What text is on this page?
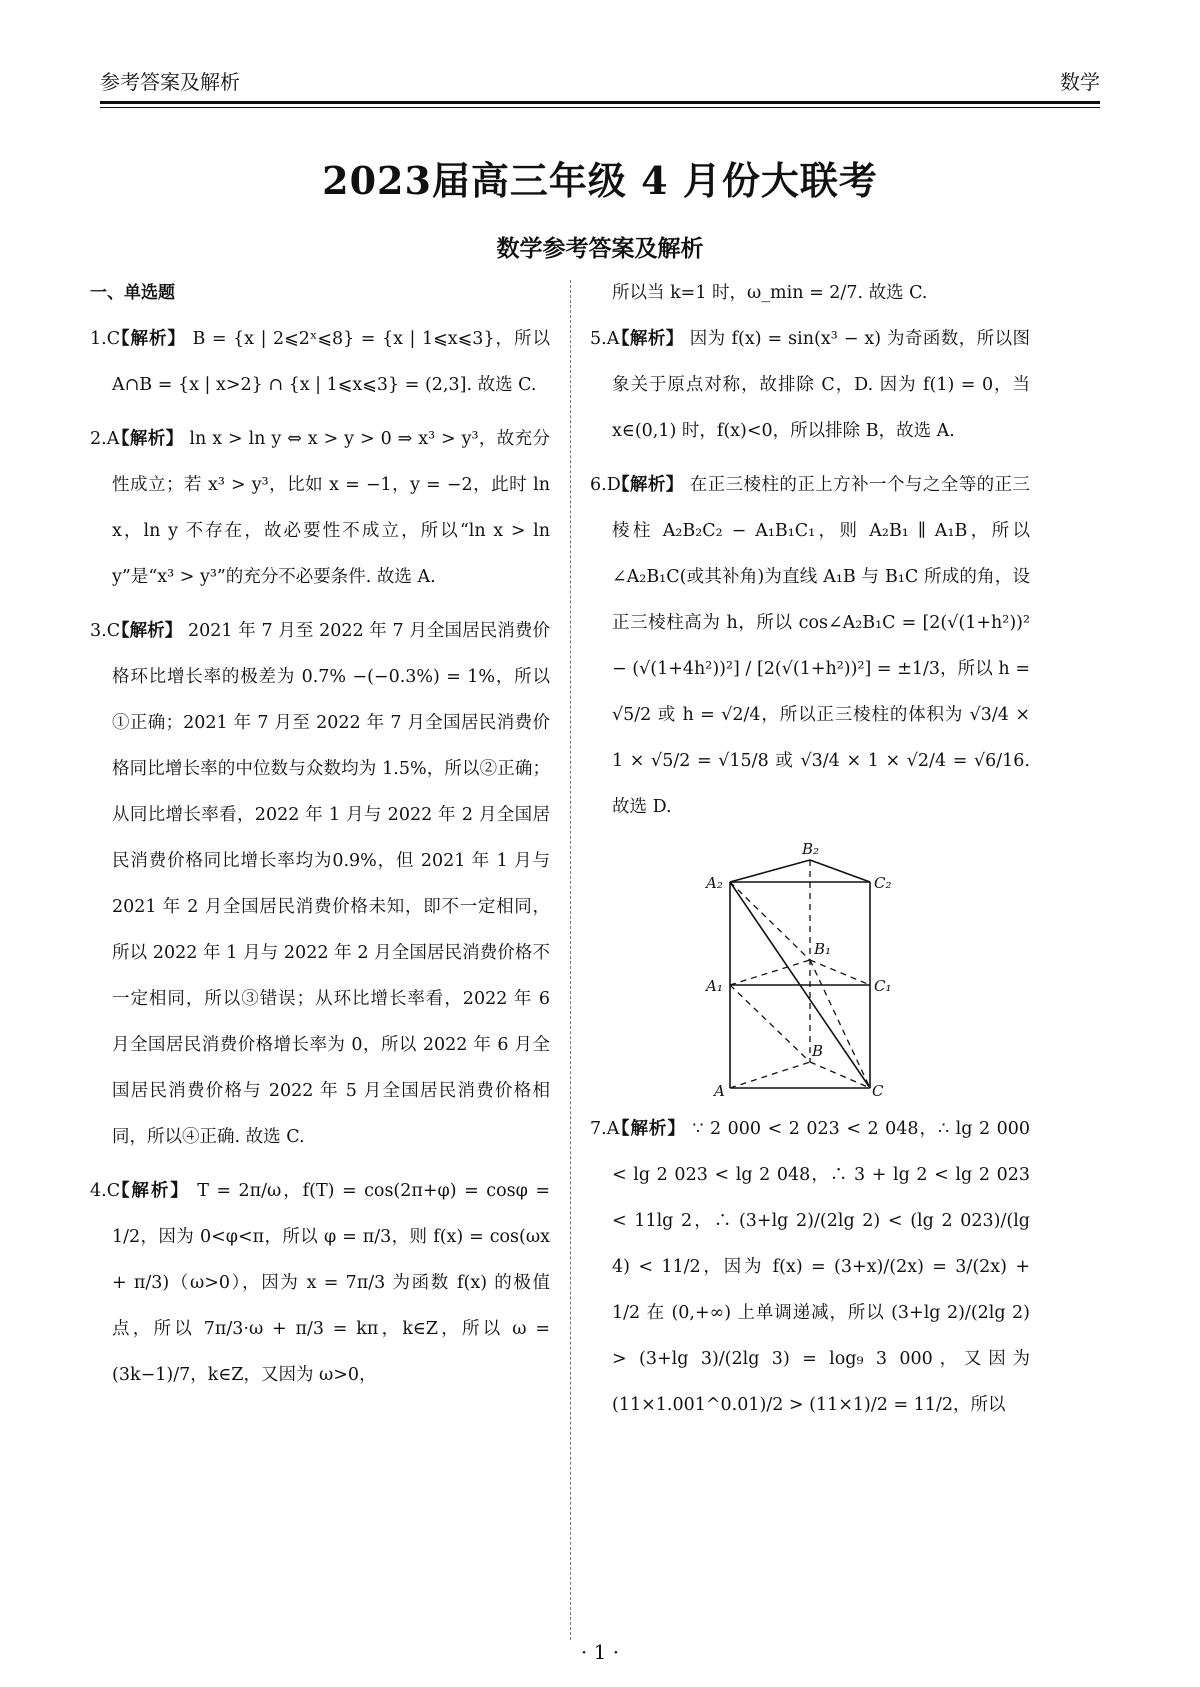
参考答案及解析	数学
2023届高三年级 4 月份大联考
数学参考答案及解析
一、单选题
1.C
【解析】 B = {x | 2⩽2ˣ⩽8} = {x | 1⩽x⩽3}，所以 A∩B = {x | x>2} ∩ {x | 1⩽x⩽3} = (2,3]. 故选 C.
2.A
【解析】 ln x > ln y ⇔ x > y > 0 ⇒ x³ > y³，故充分性成立；若 x³ > y³，比如 x = −1，y = −2，此时 ln x，ln y 不存在，故必要性不成立，所以“ln x > ln y”是“x³ > y³”的充分不必要条件. 故选 A.
3.C
【解析】 2021 年 7 月至 2022 年 7 月全国居民消费价格环比增长率的极差为 0.7% −(−0.3%) = 1%，所以①正确；2021 年 7 月至 2022 年 7 月全国居民消费价格同比增长率的中位数与众数均为 1.5%，所以②正确；从同比增长率看，2022 年 1 月与 2022 年 2 月全国居民消费价格同比增长率均为0.9%，但 2021 年 1 月与 2021 年 2 月全国居民消费价格未知，即不一定相同，所以 2022 年 1 月与 2022 年 2 月全国居民消费价格不一定相同，所以③错误；从环比增长率看，2022 年 6 月全国居民消费价格增长率为 0，所以 2022 年 6 月全国居民消费价格与 2022 年 5 月全国居民消费价格相同，所以④正确. 故选 C.
4.C
【解析】 T = 2π/ω，f(T) = cos(2π+φ) = cosφ = 1/2，因为 0<φ<π，所以 φ = π/3，则 f(x) = cos(ωx + π/3)（ω>0），因为 x = 7π/3 为函数 f(x) 的极值点，所以 7π/3·ω + π/3 = kπ，k∈Z，所以 ω = (3k−1)/7，k∈Z，又因为 ω>0，
所以当 k=1 时，ω_min = 2/7. 故选 C.
5.A
【解析】 因为 f(x) = sin(x³ − x) 为奇函数，所以图象关于原点对称，故排除 C，D. 因为 f(1) = 0，当 x∈(0,1) 时，f(x)<0，所以排除 B，故选 A.
6.D
【解析】 在正三棱柱的正上方补一个与之全等的正三棱柱 A₂B₂C₂ − A₁B₁C₁，则 A₂B₁ ∥ A₁B，所以∠A₂B₁C(或其补角)为直线 A₁B 与 B₁C 所成的角，设正三棱柱高为 h，所以 cos∠A₂B₁C = [2(√(1+h²))² − (√(1+4h²))²] / [2(√(1+h²))²] = ±1/3，所以 h = √5/2 或 h = √2/4，所以正三棱柱的体积为 √3/4 × 1 × √5/2 = √15/8 或 √3/4 × 1 × √2/4 = √6/16. 故选 D.
B₂
A₂	C₂
B₁
A₁	C₁
B
A	C
7.A
【解析】 ∵ 2 000 < 2 023 < 2 048，∴ lg 2 000 < lg 2 023 < lg 2 048，∴ 3 + lg 2 < lg 2 023 < 11lg 2，∴ (3+lg 2)/(2lg 2) < (lg 2 023)/(lg 4) < 11/2，因为 f(x) = (3+x)/(2x) = 3/(2x) + 1/2 在 (0,+∞) 上单调递减，所以 (3+lg 2)/(2lg 2) > (3+lg 3)/(2lg 3) = log₉ 3 000，又因为 (11×1.001^0.01)/2 > (11×1)/2 = 11/2，所以
· 1 ·
